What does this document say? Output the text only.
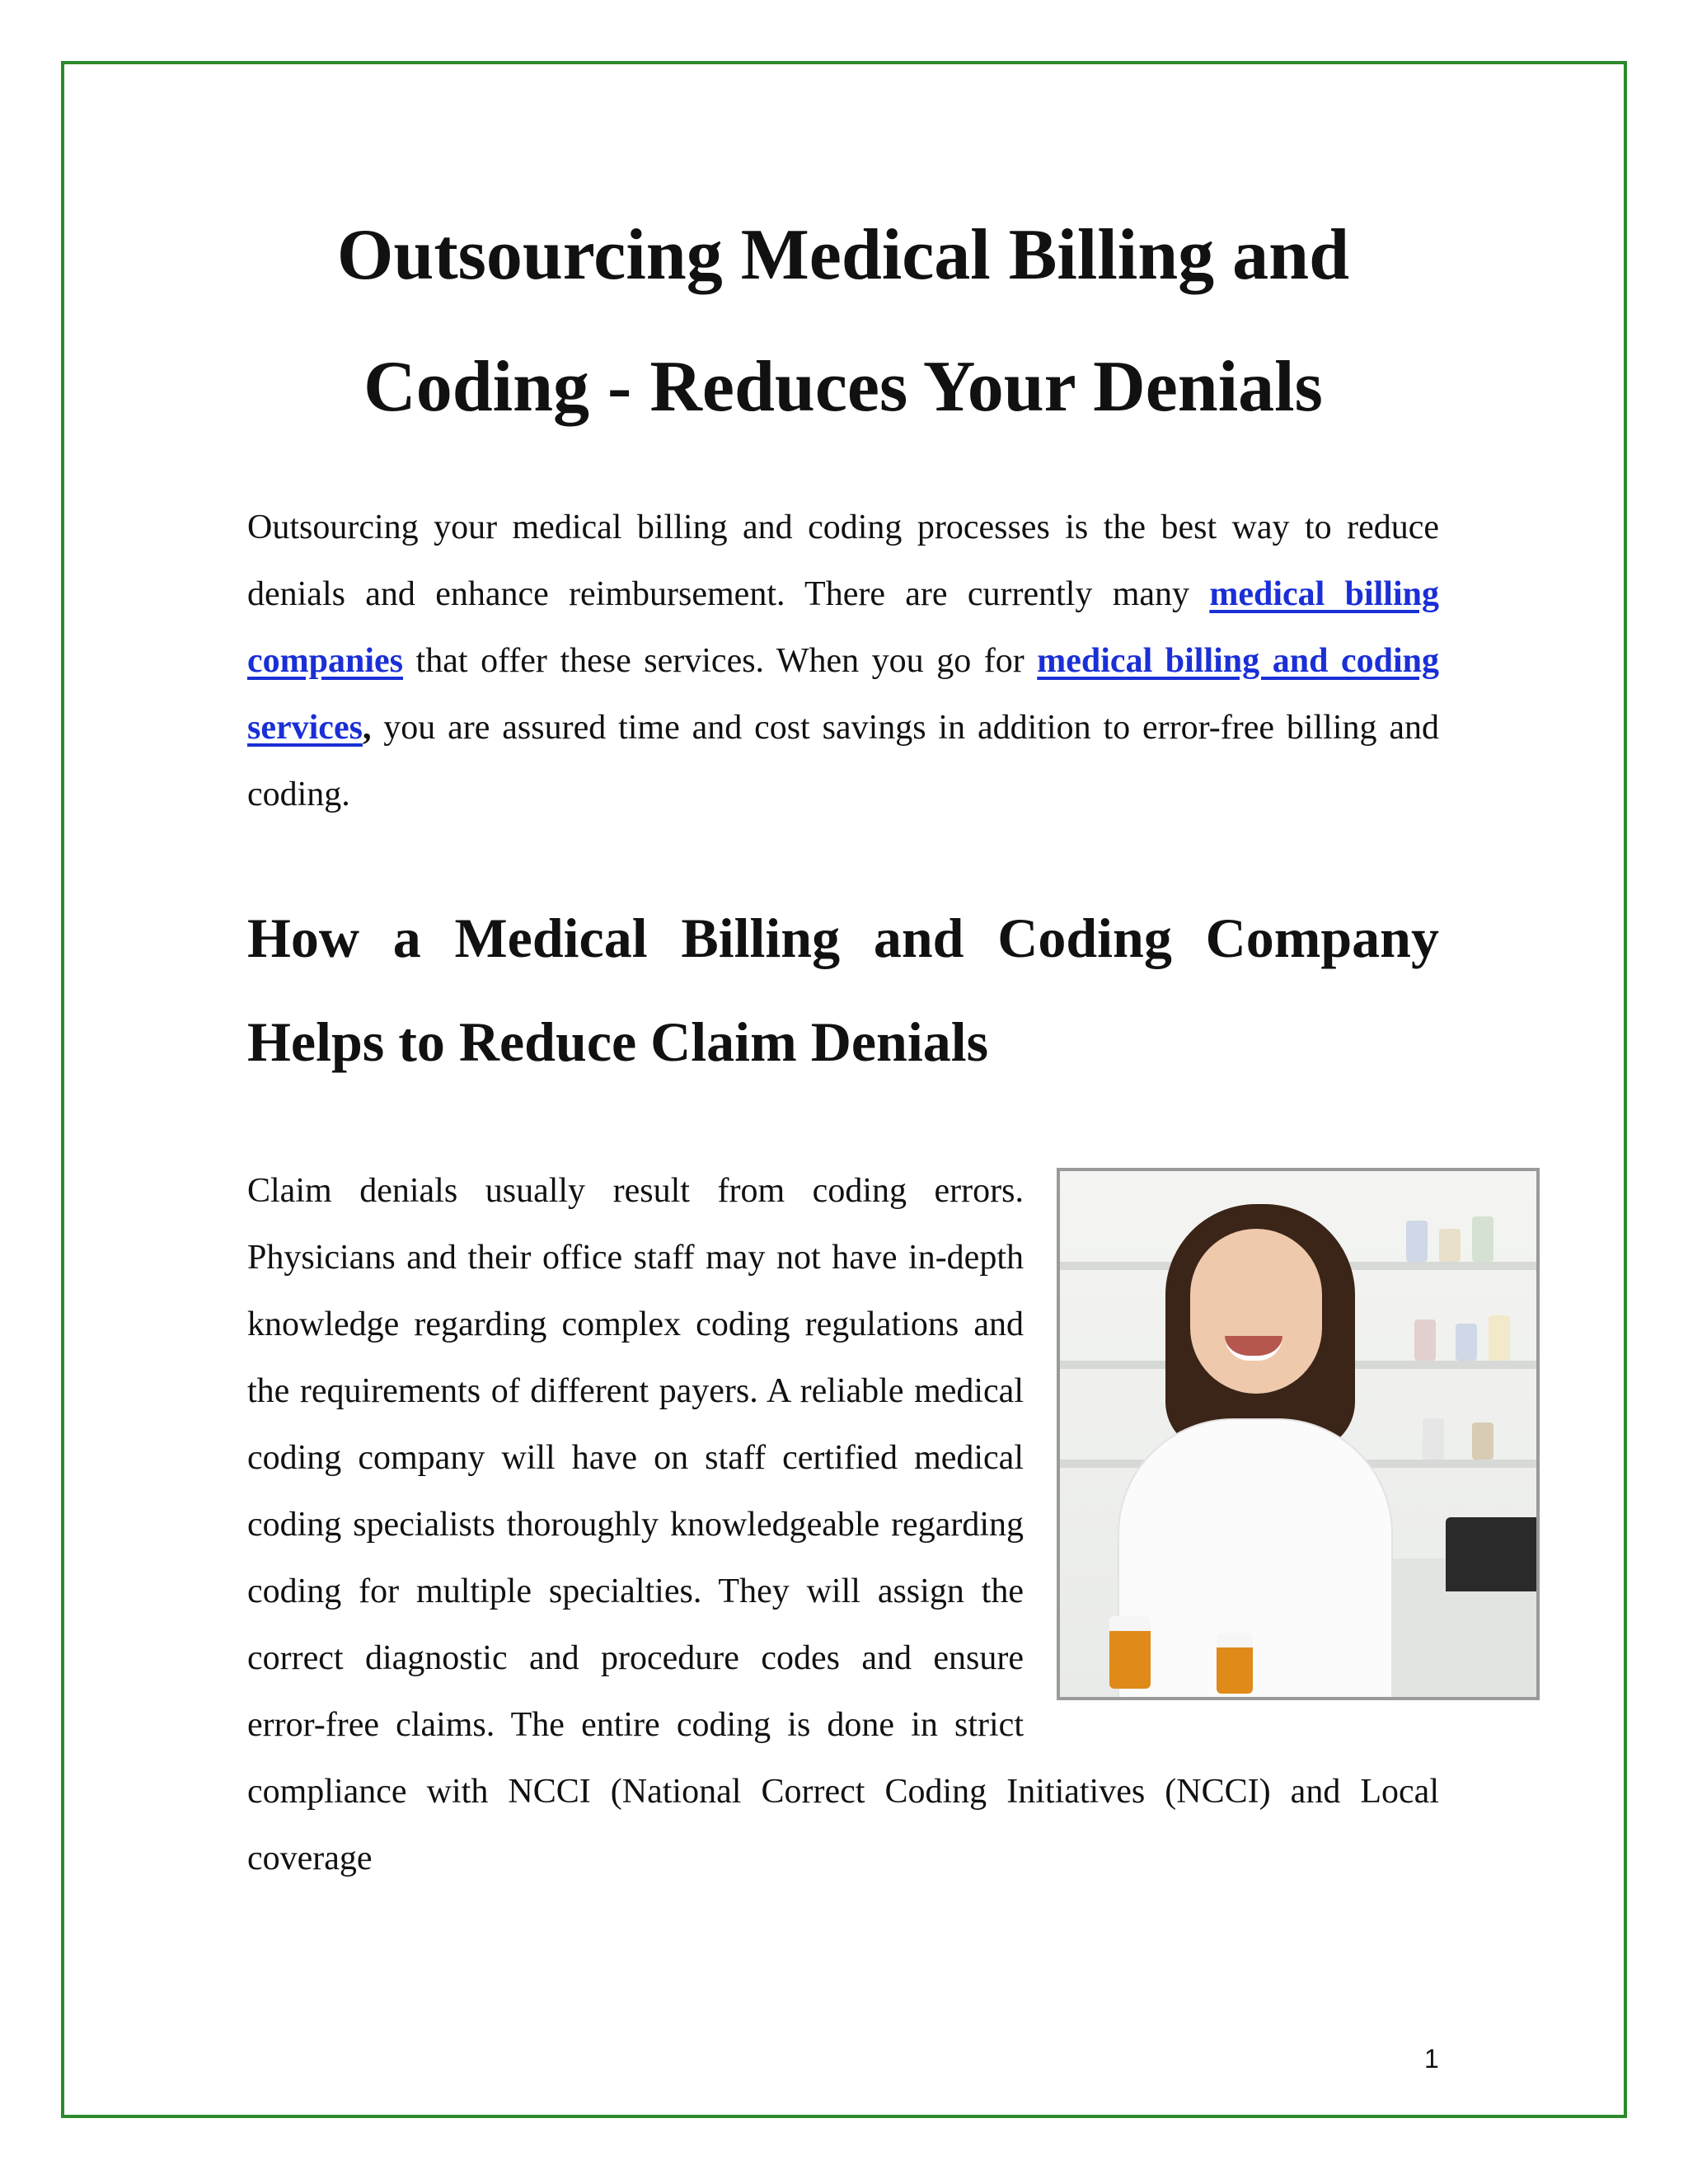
Outsourcing Medical Billing and
Coding - Reduces Your Denials

Outsourcing your medical billing and coding processes is the best way to reduce denials and enhance reimbursement. There are currently many medical billing companies that offer these services. When you go for medical billing and coding services, you are assured time and cost savings in addition to error-free billing and coding.

How a Medical Billing and Coding Company Helps to Reduce Claim Denials

Claim denials usually result from coding errors. Physicians and their office staff may not have in-depth knowledge regarding complex coding regulations and the requirements of different payers. A reliable medical coding company will have on staff certified medical coding specialists thoroughly knowledgeable regarding coding for multiple specialties. They will assign the correct diagnostic and procedure codes and ensure error-free claims. The entire coding is done in strict compliance with NCCI (National Correct Coding Initiatives (NCCI) and Local coverage

1
